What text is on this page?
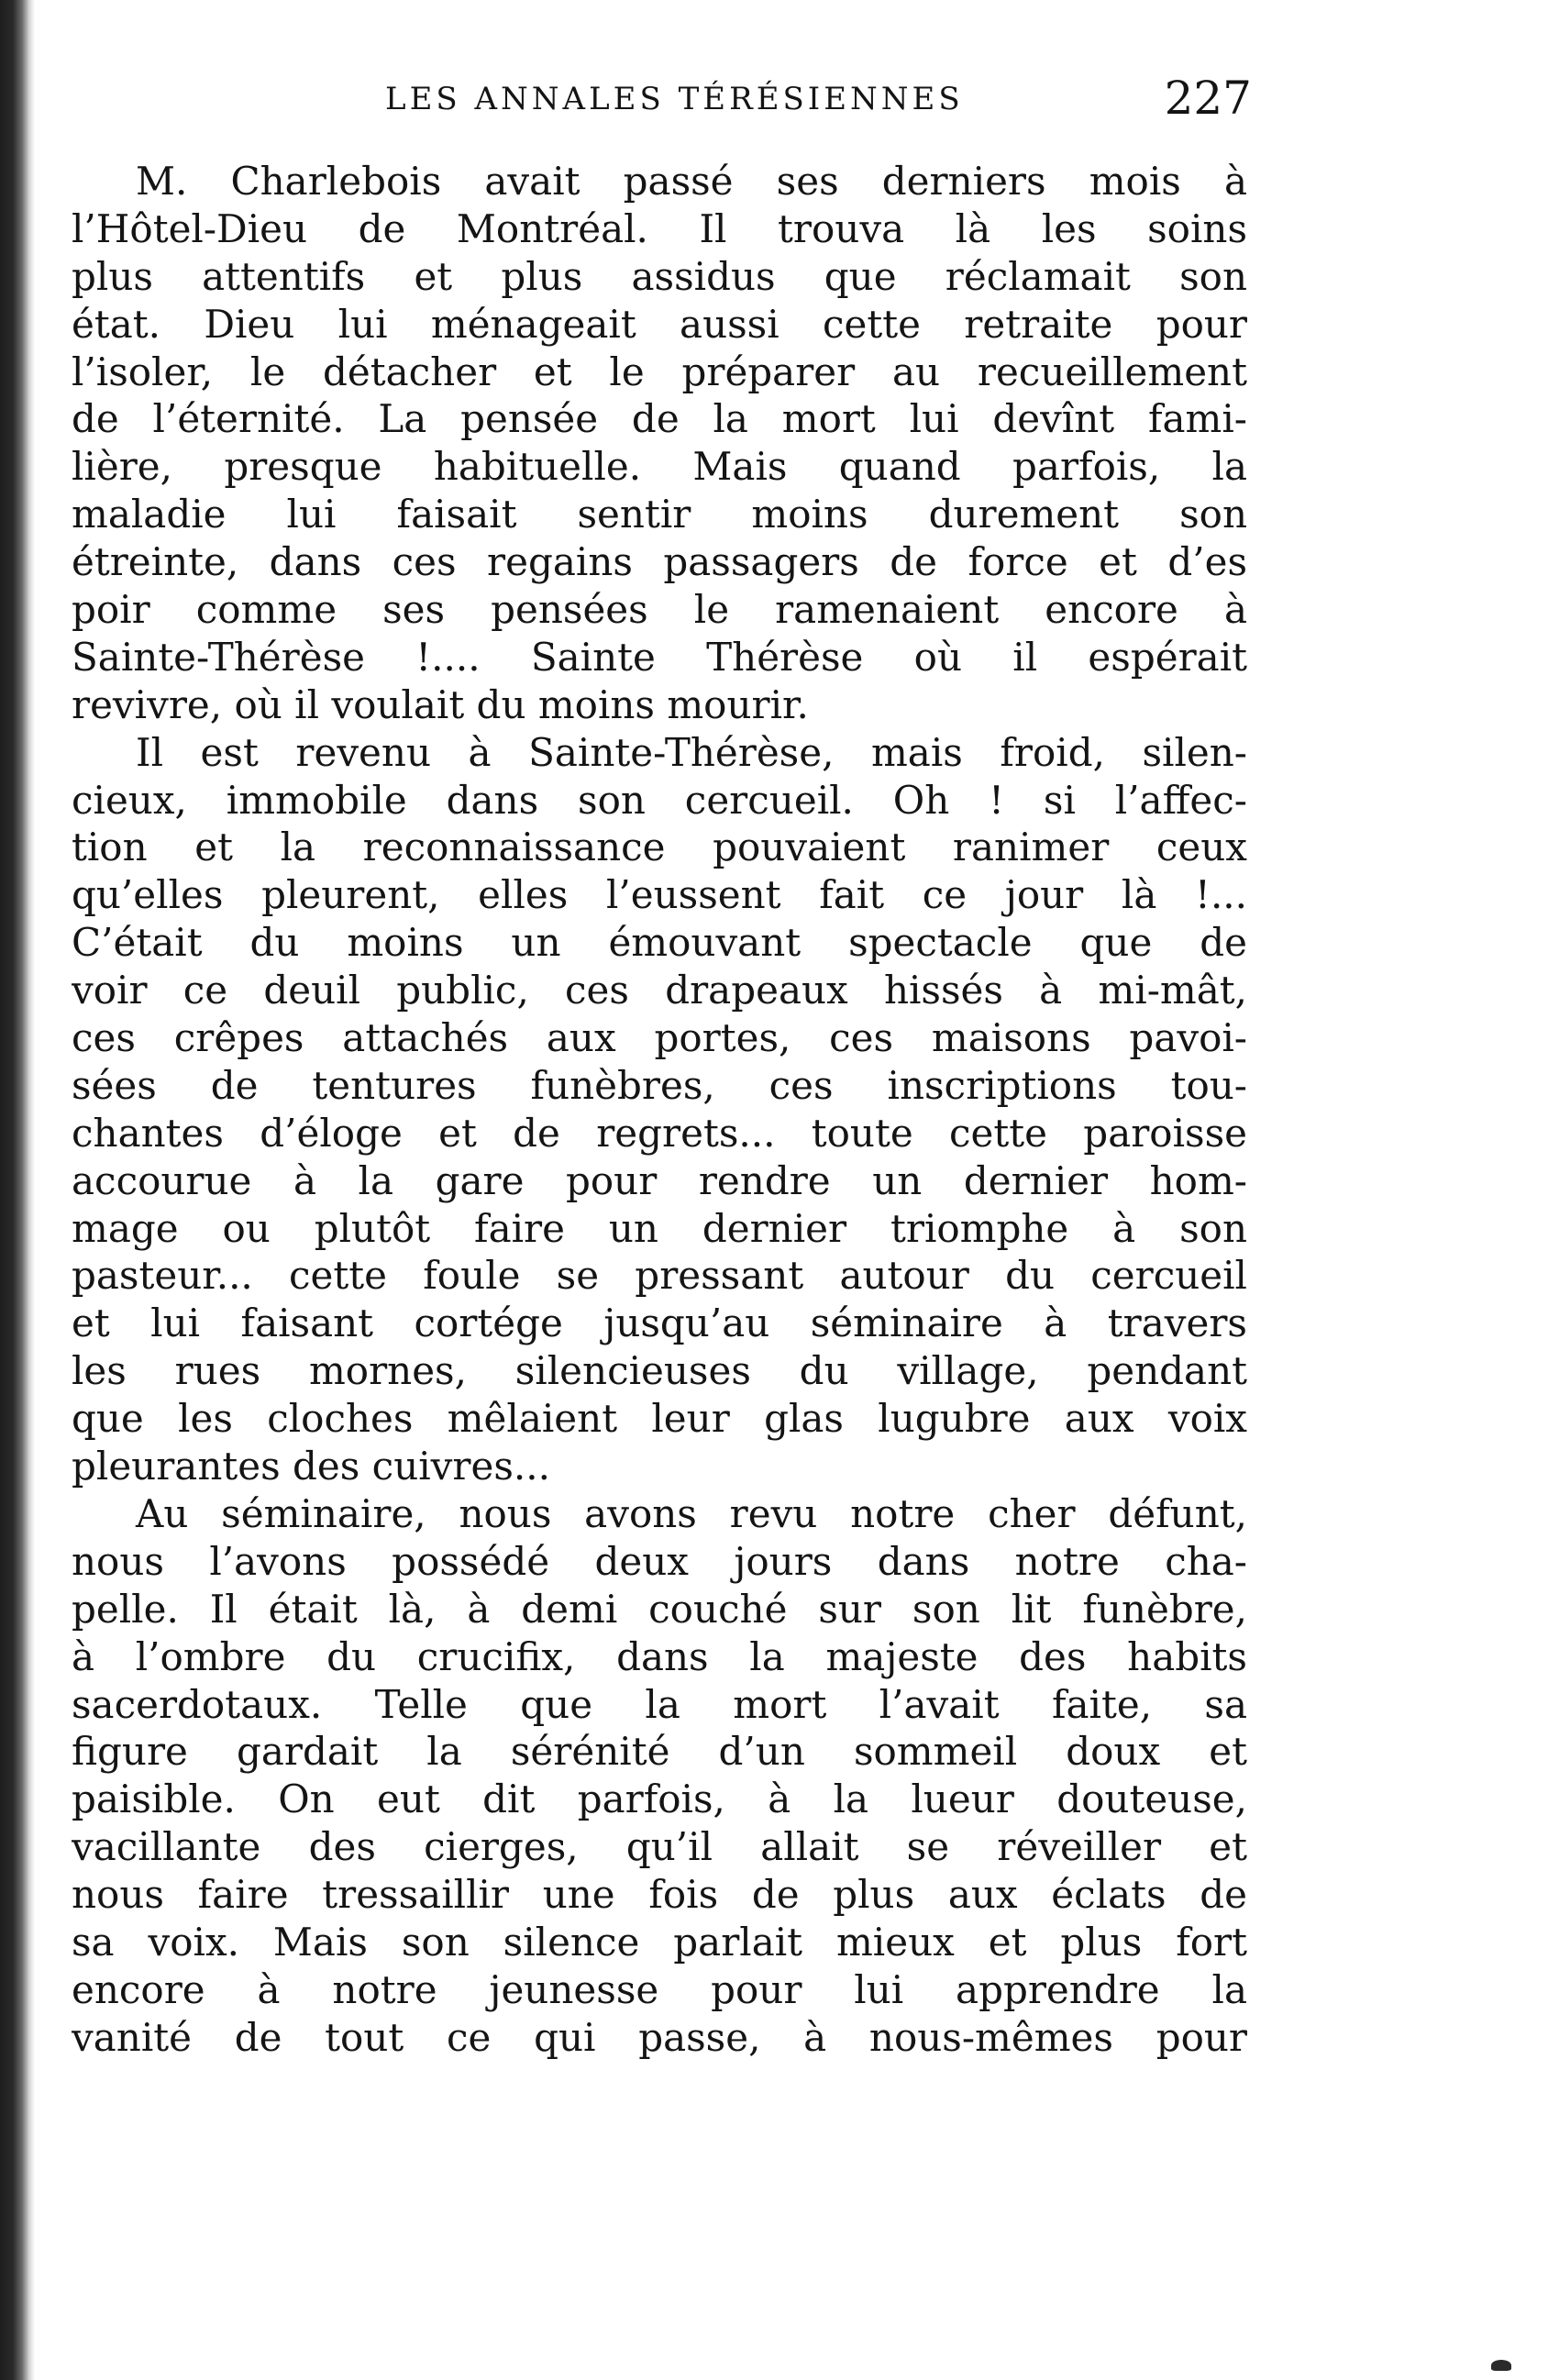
LES ANNALES TÉRÉSIENNES	227
M. Charlebois avait passé ses derniers mois à
l’Hôtel-Dieu de Montréal. Il trouva là les soins
plus attentifs et plus assidus que réclamait son
état. Dieu lui ménageait aussi cette retraite pour
l’isoler, le détacher et le préparer au recueillement
de l’éternité. La pensée de la mort lui devînt fami-
lière, presque habituelle. Mais quand parfois, la
maladie lui faisait sentir moins durement son
étreinte, dans ces regains passagers de force et d’es
poir comme ses pensées le ramenaient encore à
Sainte-Thérèse !.... Sainte Thérèse où il espérait
revivre, où il voulait du moins mourir.
Il est revenu à Sainte-Thérèse, mais froid, silen-
cieux, immobile dans son cercueil. Oh ! si l’affec-
tion et la reconnaissance pouvaient ranimer ceux
qu’elles pleurent, elles l’eussent fait ce jour là !...
C’était du moins un émouvant spectacle que de
voir ce deuil public, ces drapeaux hissés à mi-mât,
ces crêpes attachés aux portes, ces maisons pavoi-
sées de tentures funèbres, ces inscriptions tou-
chantes d’éloge et de regrets... toute cette paroisse
accourue à la gare pour rendre un dernier hom-
mage ou plutôt faire un dernier triomphe à son
pasteur... cette foule se pressant autour du cercueil
et lui faisant cortége jusqu’au séminaire à travers
les rues mornes, silencieuses du village, pendant
que les cloches mêlaient leur glas lugubre aux voix
pleurantes des cuivres...
Au séminaire, nous avons revu notre cher défunt,
nous l’avons possédé deux jours dans notre cha-
pelle. Il était là, à demi couché sur son lit funèbre,
à l’ombre du crucifix, dans la majeste des habits
sacerdotaux. Telle que la mort l’avait faite, sa
figure gardait la sérénité d’un sommeil doux et
paisible. On eut dit parfois, à la lueur douteuse,
vacillante des cierges, qu’il allait se réveiller et
nous faire tressaillir une fois de plus aux éclats de
sa voix. Mais son silence parlait mieux et plus fort
encore à notre jeunesse pour lui apprendre la
vanité de tout ce qui passe, à nous-mêmes pour
